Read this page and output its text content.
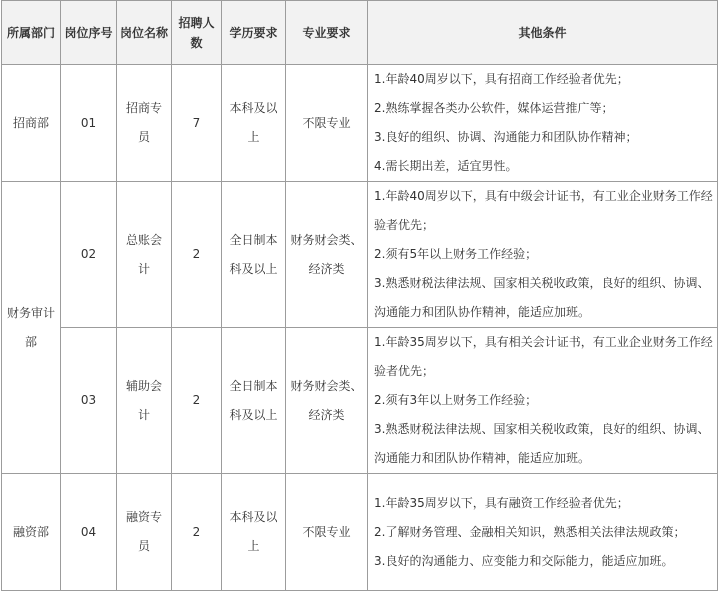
所属部门	岗位序号	岗位名称	招聘人数	学历要求	专业要求	其他条件
招商部	01	招商专员	7	本科及以上	不限专业	1.年龄40周岁以下，具有招商工作经验者优先；
2.熟练掌握各类办公软件，媒体运营推广等；
3.良好的组织、协调、沟通能力和团队协作精神；
4.需长期出差，适宜男性。

财务审计部	02	总账会计	2	全日制本科及以上	财务财会类、经济类	1.年龄40周岁以下，具有中级会计证书，有工业企业财务工作经验者优先；
2.须有5年以上财务工作经验；
3.熟悉财税法律法规、国家相关税收政策，良好的组织、协调、沟通能力和团队协作精神，能适应加班。

	03	辅助会计	2	全日制本科及以上	财务财会类、经济类	1.年龄35周岁以下，具有相关会计证书，有工业企业财务工作经验者优先；
2.须有3年以上财务工作经验；
3.熟悉财税法律法规、国家相关税收政策，良好的组织、协调、沟通能力和团队协作精神，能适应加班。

融资部	04	融资专员	2	本科及以上	不限专业	1.年龄35周岁以下，具有融资工作经验者优先；
2.了解财务管理、金融相关知识，熟悉相关法律法规政策；
3.良好的沟通能力、应变能力和交际能力，能适应加班。
